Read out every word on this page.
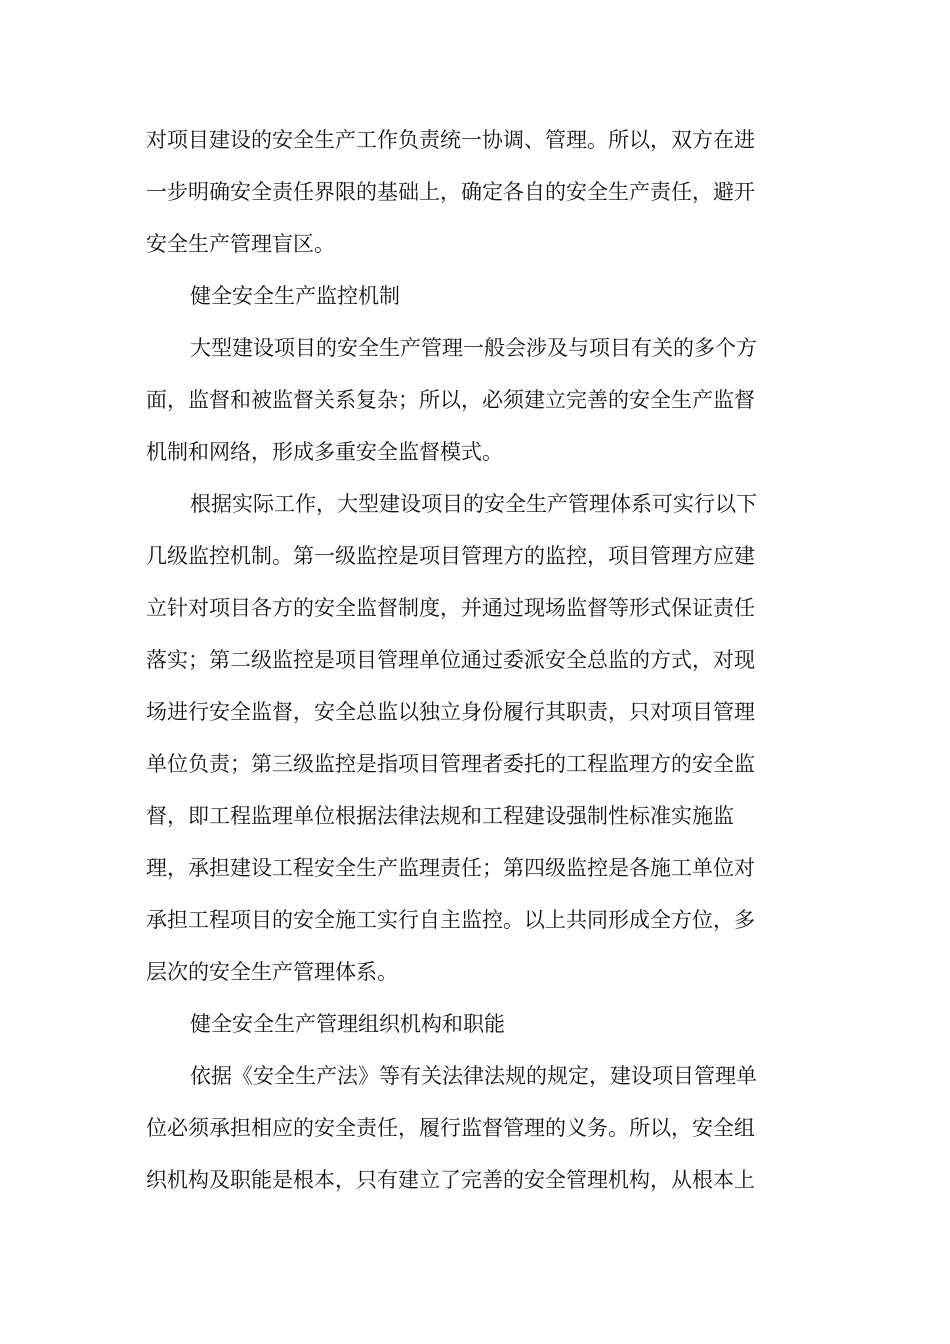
对项目建设的安全生产工作负责统一协调、管理。所以，双方在进
一步明确安全责任界限的基础上，确定各自的安全生产责任，避开
安全生产管理盲区。
健全安全生产监控机制
大型建设项目的安全生产管理一般会涉及与项目有关的多个方
面，监督和被监督关系复杂；所以，必须建立完善的安全生产监督
机制和网络，形成多重安全监督模式。
根据实际工作，大型建设项目的安全生产管理体系可实行以下
几级监控机制。第一级监控是项目管理方的监控，项目管理方应建
立针对项目各方的安全监督制度，并通过现场监督等形式保证责任
落实；第二级监控是项目管理单位通过委派安全总监的方式，对现
场进行安全监督，安全总监以独立身份履行其职责，只对项目管理
单位负责；第三级监控是指项目管理者委托的工程监理方的安全监
督，即工程监理单位根据法律法规和工程建设强制性标准实施监
理，承担建设工程安全生产监理责任；第四级监控是各施工单位对
承担工程项目的安全施工实行自主监控。以上共同形成全方位，多
层次的安全生产管理体系。
健全安全生产管理组织机构和职能
依据《安全生产法》等有关法律法规的规定，建设项目管理单
位必须承担相应的安全责任，履行监督管理的义务。所以，安全组
织机构及职能是根本，只有建立了完善的安全管理机构，从根本上
